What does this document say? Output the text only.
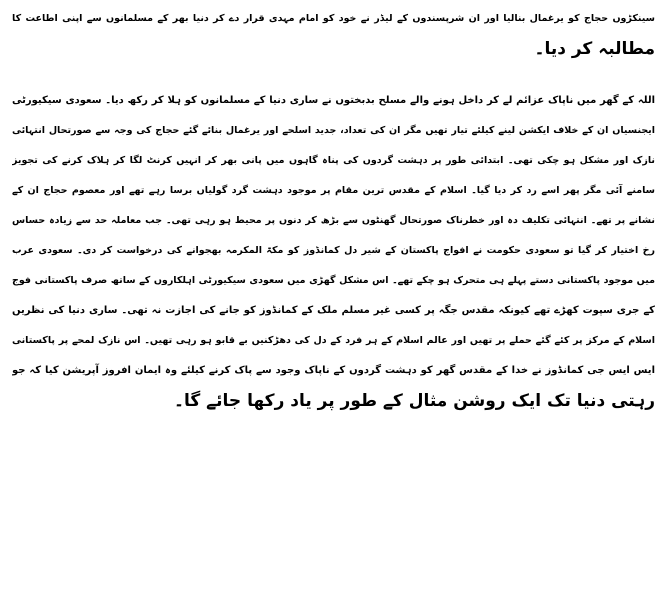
سینکڑوں حجاج کو یرغمال بنالیا اور ان شرپسندوں کے لیڈر نے خود کو امام مہدی قرار دے کر دنیا بھر کے مسلمانوں سے اپنی اطاعت کا
مطالبہ کر دیا۔
اللہ کے گھر میں ناپاک عزائم لے کر داخل ہونے والے مسلح بدبختوں نے ساری دنیا کے مسلمانوں کو ہلا کر رکھ دیا۔ سعودی سیکیورٹی
ایجنسیاں ان کے خلاف ایکشن لینے کیلئے تیار تھیں مگر ان کی تعداد، جدید اسلحے اور یرغمال بنائے گئے حجاج کی وجہ سے صورتحال انتہائی
نازک اور مشکل ہو چکی تھی۔ ابتدائی طور پر دہشت گردوں کی پناہ گاہوں میں پانی بھر کر انہیں کرنٹ لگا کر ہلاک کرنے کی تجویز
سامنے آئی مگر پھر اسے رد کر دیا گیا۔ اسلام کے مقدس ترین مقام پر موجود دہشت گرد گولیاں برسا رہے تھے اور معصوم حجاج ان کے
نشانے پر تھے۔ انتہائی تکلیف دہ اور خطرناک صورتحال گھنٹوں سے بڑھ کر دنوں پر محیط ہو رہی تھی۔ جب معاملہ حد سے زیادہ حساس
رخ اختیار کر گیا تو سعودی حکومت نے افواج پاکستان کے شیر دل کمانڈوز کو مکۃ المکرمہ بھجوانے کی درخواست کر دی۔ سعودی عرب
میں موجود پاکستانی دستے پہلے ہی متحرک ہو چکے تھے۔ اس مشکل گھڑی میں سعودی سیکیورٹی اہلکاروں کے ساتھ صرف پاکستانی فوج
کے جری سپوت کھڑے تھے کیونکہ مقدس جگہ پر کسی غیر مسلم ملک کے کمانڈوز کو جانے کی اجازت نہ تھی۔ ساری دنیا کی نظریں
اسلام کے مرکز پر کئے گئے حملے پر تھیں اور عالم اسلام کے ہر فرد کے دل کی دھڑکنیں بے قابو ہو رہی تھیں۔ اس نازک لمحے پر پاکستانی
ایس ایس جی کمانڈوز نے خدا کے مقدس گھر کو دہشت گردوں کے ناپاک وجود سے پاک کرنے کیلئے وہ ایمان افروز آپریشن کیا کہ جو
رہتی دنیا تک ایک روشن مثال کے طور پر یاد رکھا جائے گا۔
